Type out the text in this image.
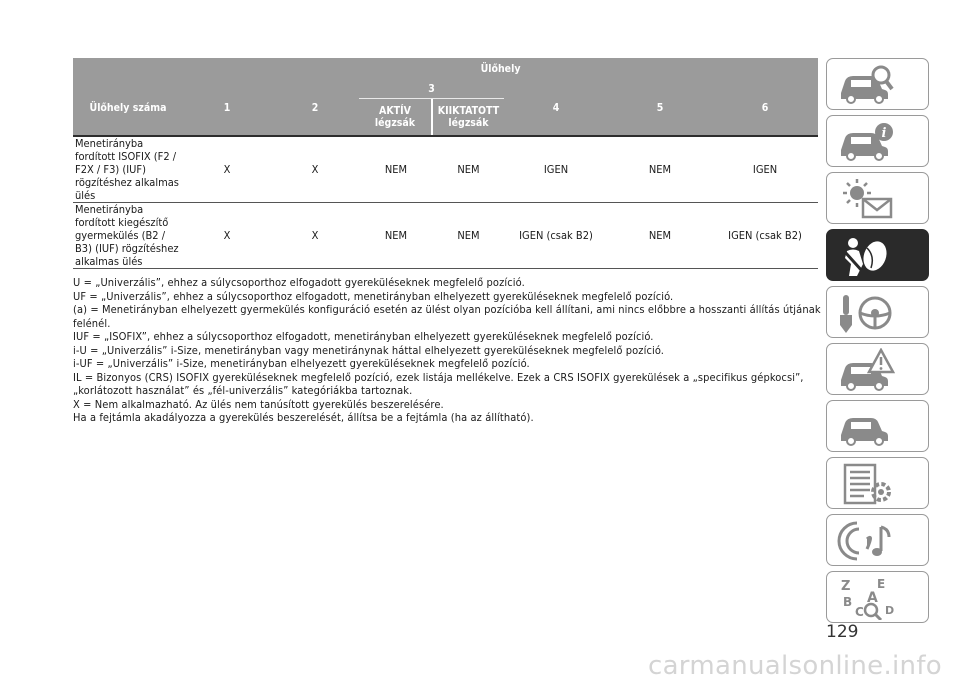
	Ülőhely							
Ülőhely száma	1	2	3			4	5	6
			AKTÍV légzsák		KIIKTATOTT légzsák			
Menetirányba fordított ISOFIX (F2 / F2X / F3) (IUF) rögzítéshez alkalmas ülés	X	X	NEM		NEM	IGEN	NEM	IGEN
Menetirányba fordított kiegészítő gyermekülés (B2 / B3) (IUF) rögzítéshez alkalmas ülés	X	X	NEM		NEM	IGEN (csak B2)	NEM	IGEN (csak B2)

U = „Univerzális”, ehhez a súlycsoporthoz elfogadott gyereküléseknek megfelelő pozíció.

UF = „Univerzális”, ehhez a súlycsoporthoz elfogadott, menetirányban elhelyezett gyereküléseknek megfelelő pozíció.

(a) = Menetirányban elhelyezett gyermekülés konfiguráció esetén az ülést olyan pozícióba kell állítani, ami nincs előbbre a hosszanti állítás útjának felénél.

IUF = „ISOFIX”, ehhez a súlycsoporthoz elfogadott, menetirányban elhelyezett gyereküléseknek megfelelő pozíció.

i-U = „Univerzális” i-Size, menetirányban vagy menetiránynak háttal elhelyezett gyereküléseknek megfelelő pozíció.

i-UF = „Univerzális” i-Size, menetirányban elhelyezett gyereküléseknek megfelelő pozíció.

IL = Bizonyos (CRS) ISOFIX gyereküléseknek megfelelő pozíció, ezek listája mellékelve. Ezek a CRS ISOFIX gyerekülések a „specifikus gépkocsi”, „korlátozott használat” és „fél-univerzális” kategóriákba tartoznak.

X = Nem alkalmazható. Az ülés nem tanúsított gyerekülés beszerelésére.

Ha a fejtámla akadályozza a gyerekülés beszerelését, állítsa be a fejtámla (ha az állítható).

i
Z E
B A
C D
129
carmanualsonline.info
